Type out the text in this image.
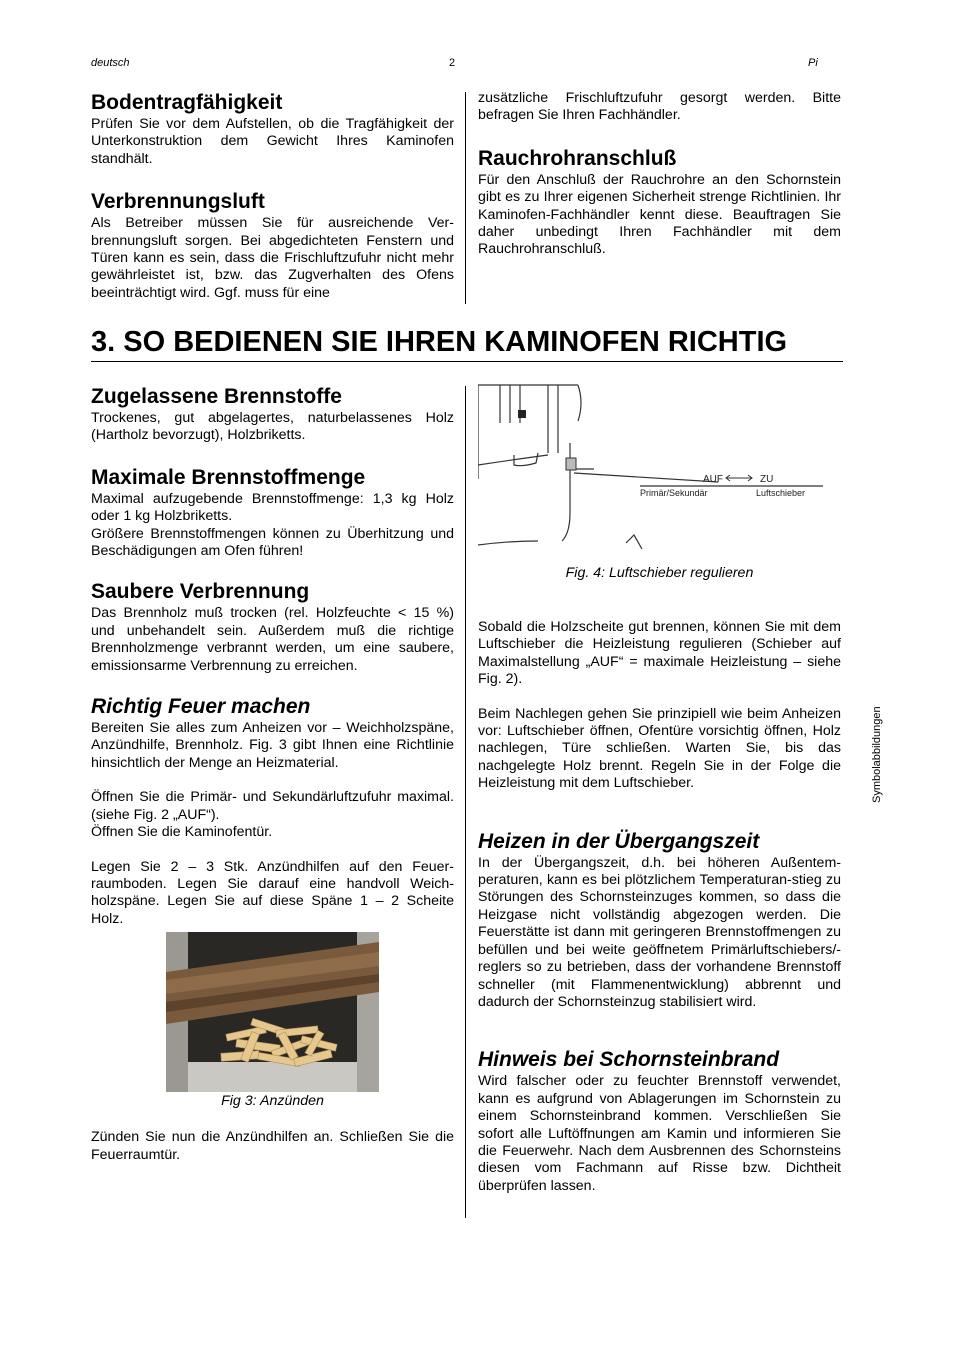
deutsch	2	Pi
Bodentragfähigkeit

Prüfen Sie vor dem Aufstellen, ob die Tragfähigkeit der Unterkonstruktion dem Gewicht Ihres Kaminofen standhält.

Verbrennungsluft

Als Betreiber müssen Sie für ausreichende Ver-brennungsluft sorgen. Bei abgedichteten Fenstern und Türen kann es sein, dass die Frischluftzufuhr nicht mehr gewährleistet ist, bzw. das Zugverhalten des Ofens beeinträchtigt wird. Ggf. muss für eine

zusätzliche Frischluftzufuhr gesorgt werden. Bitte befragen Sie Ihren Fachhändler.

Rauchrohranschluß

Für den Anschluß der Rauchrohre an den Schornstein gibt es zu Ihrer eigenen Sicherheit strenge Richtlinien. Ihr Kaminofen-Fachhändler kennt diese. Beauftragen Sie daher unbedingt Ihren Fachhändler mit dem Rauchrohranschluß.

3. SO BEDIENEN SIE IHREN KAMINOFEN RICHTIG
Zugelassene Brennstoffe

Trockenes, gut abgelagertes, naturbelassenes Holz (Hartholz bevorzugt), Holzbriketts.

Maximale Brennstoffmenge

Maximal aufzugebende Brennstoffmenge: 1,3 kg Holz oder 1 kg Holzbriketts.

Größere Brennstoffmengen können zu Überhitzung und Beschädigungen am Ofen führen!

Saubere Verbrennung

Das Brennholz muß trocken (rel. Holzfeuchte < 15 %) und unbehandelt sein. Außerdem muß die richtige Brennholzmenge verbrannt werden, um eine saubere, emissionsarme Verbrennung zu erreichen.

Richtig Feuer machen

Bereiten Sie alles zum Anheizen vor – Weichholzspäne, Anzündhilfe, Brennholz. Fig. 3 gibt Ihnen eine Richtlinie hinsichtlich der Menge an Heizmaterial.

Öffnen Sie die Primär- und Sekundärluftzufuhr maximal. (siehe Fig. 2 „AUF“).

Öffnen Sie die Kaminofentür.

Legen Sie 2 – 3 Stk. Anzündhilfen auf den Feuer-raumboden. Legen Sie darauf eine handvoll Weich-holzspäne. Legen Sie auf diese Späne 1 – 2 Scheite Holz.

Fig 3: Anzünden

Zünden Sie nun die Anzündhilfen an. Schließen Sie die Feuerraumtür.

AUF	ZU
Primär/Sekundär	Luftschieber
Fig. 4: Luftschieber regulieren

Sobald die Holzscheite gut brennen, können Sie mit dem Luftschieber die Heizleistung regulieren (Schieber auf Maximalstellung „AUF“ = maximale Heizleistung – siehe Fig. 2).

Beim Nachlegen gehen Sie prinzipiell wie beim Anheizen vor: Luftschieber öffnen, Ofentüre vorsichtig öffnen, Holz nachlegen, Türe schließen. Warten Sie, bis das nachgelegte Holz brennt. Regeln Sie in der Folge die Heizleistung mit dem Luftschieber.

Heizen in der Übergangszeit

In der Übergangszeit, d.h. bei höheren Außentem-peraturen, kann es bei plötzlichem Temperaturan-stieg zu Störungen des Schornsteinzuges kommen, so dass die Heizgase nicht vollständig abgezogen werden. Die Feuerstätte ist dann mit geringeren Brennstoffmengen zu befüllen und bei weite geöffnetem Primärluftschiebers/-reglers so zu betrieben, dass der vorhandene Brennstoff schneller (mit Flammenentwicklung) abbrennt und dadurch der Schornsteinzug stabilisiert wird.

Hinweis bei Schornsteinbrand

Wird falscher oder zu feuchter Brennstoff verwendet, kann es aufgrund von Ablagerungen im Schornstein zu einem Schornsteinbrand kommen. Verschließen Sie sofort alle Luftöffnungen am Kamin und informieren Sie die Feuerwehr. Nach dem Ausbrennen des Schornsteins diesen vom Fachmann auf Risse bzw. Dichtheit überprüfen lassen.

Symbolabbildungen
